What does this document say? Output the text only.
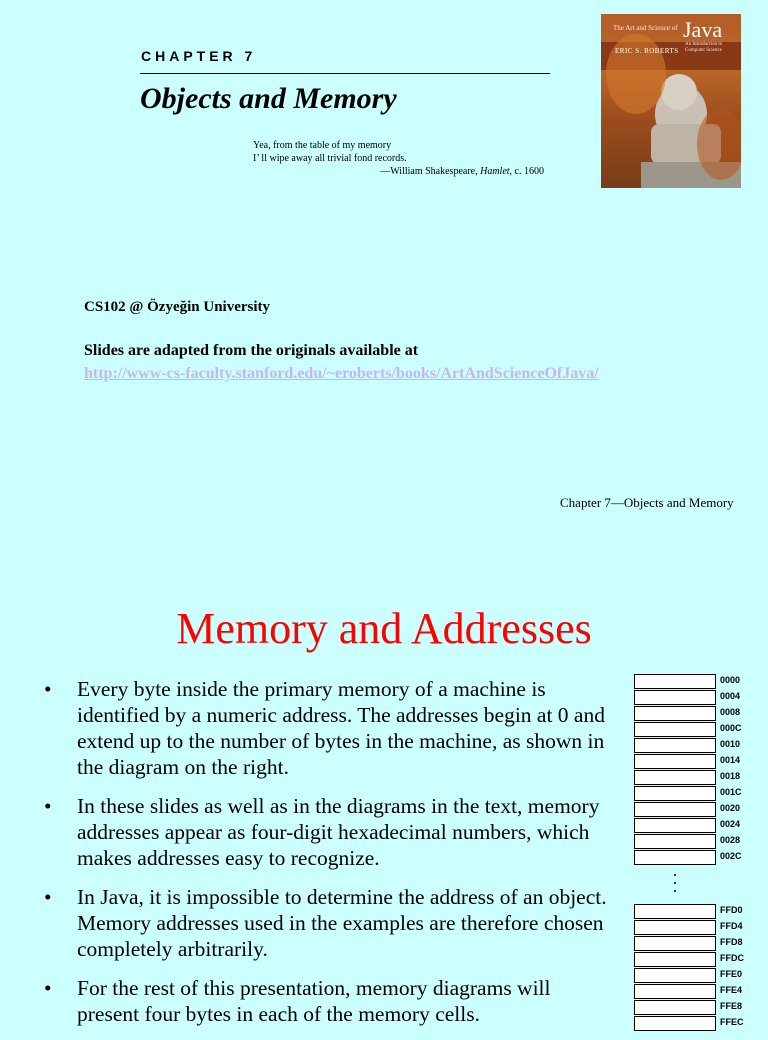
CHAPTER 7
Objects and Memory
Yea, from the table of my memory
I’ ll wipe away all trivial fond records.
—William Shakespeare, Hamlet, c. 1600
The Art and Science of Java
ERIC S. ROBERTS
An Introduction to Computer Science
CS102 @ Özyeğin University
Slides are adapted from the originals available at
http://www-cs-faculty.stanford.edu/~eroberts/books/ArtAndScienceOfJava/
Chapter 7—Objects and Memory
Memory and Addresses
• Every byte inside the primary memory of a machine is identified by a numeric address. The addresses begin at 0 and extend up to the number of bytes in the machine, as shown in the diagram on the right.
• In these slides as well as in the diagrams in the text, memory addresses appear as four-digit hexadecimal numbers, which makes addresses easy to recognize.
• In Java, it is impossible to determine the address of an object. Memory addresses used in the examples are therefore chosen completely arbitrarily.
• For the rest of this presentation, memory diagrams will present four bytes in each of the memory cells.
0000
0004
0008
000C
0010
0014
0018
001C
0020
0024
0028
002C
FFD0
FFD4
FFD8
FFDC
FFE0
FFE4
FFE8
FFEC
